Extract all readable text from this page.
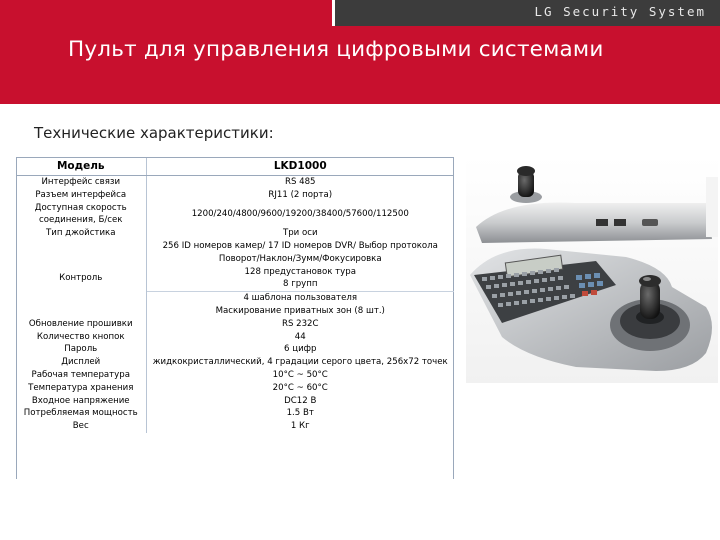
LG Security System
Пульт для управления цифровыми системами
Технические характеристики:
Модель	LKD1000
Интерфейс связи	RS 485
Разъем интерфейса	RJ11 (2 порта)
Доступная скорость	1200/240/4800/9600/19200/38400/57600/112500
соединения, Б/сек	
Тип джойстика	Три оси
Контроль	256 ID номеров камер/ 17 ID номеров DVR/ Выбор протокола
	Поворот/Наклон/Зумм/Фокусировка
	128 предустановок тура
	8 групп
	4 шаблона пользователя
	Маскирование приватных зон (8 шт.)
Обновление прошивки	RS 232C
Количество кнопок	44
Пароль	6 цифр
Дисплей	жидкокристаллический, 4 градации серого цвета, 256x72 точек
Рабочая температура	10°C ~ 50°C
Температура хранения	20°C ~ 60°C
Входное напряжение	DC12 В
Потребляемая мощность	1.5 Вт
Вес	1 Кг
